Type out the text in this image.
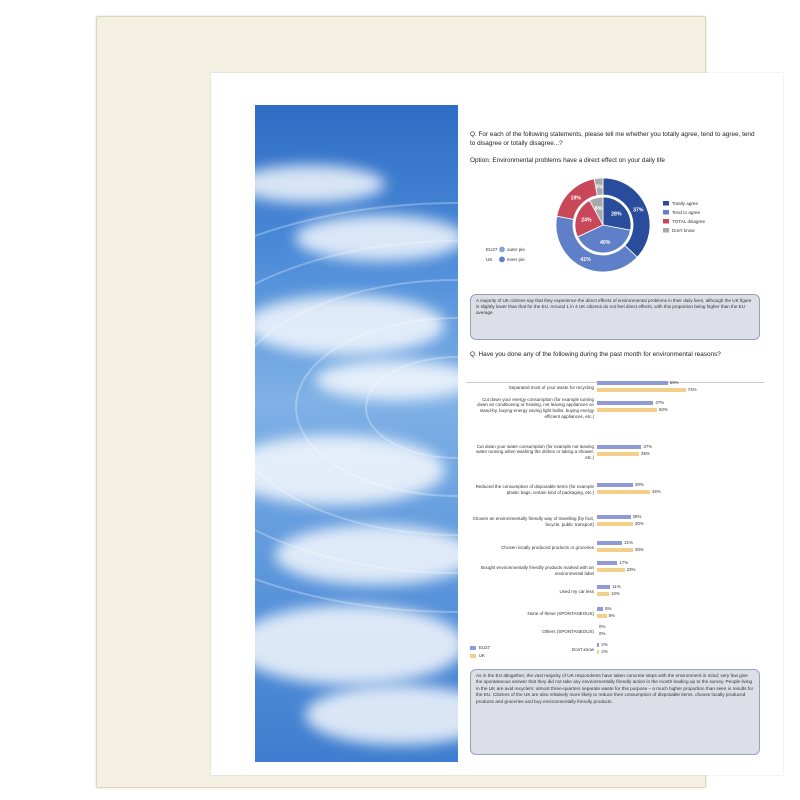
Q. For each of the following statements, please tell me whether you totally agree, tend to agree, tend to disagree or totally disagree...?
Option: Environmental problems have a direct effect on your daily life
37%
41%
19%
3%
28%
40%
24%
8%
Totally agree
Tend to agree
TOTAL disagree
Don't know
EU27 outer pie
UK	inner pie
A majority of UK citizens say that they experience the direct effects of environmental problems in their daily lives, although the UK figure is slightly lower than that for the EU. Around 1 in 4 UK citizens do not feel direct effects, with this proportion being higher than the EU average.
Q. Have you done any of the following during the past month for environmental reasons?
Separated most of your waste for recycling
59%
74%
Cut down your energy consumption (for example turning down air conditioning or heating, not leaving appliances on stand-by, buying energy saving light bulbs, buying energy efficient appliances, etc.)
47%
50%
Cut down your water consumption (for example not leaving water running when washing the dishes or taking a shower, etc.)
37%
35%
Reduced the consumption of disposable items (for example plastic bags, certain kind of packaging, etc.)
30%
44%
Chosen an environmentally friendly way of travelling (by foot, bicycle, public transport)
28%
30%
Chosen locally produced products or groceries
21%
30%
Bought environmentally friendly products marked with an environmental label
17%
23%
Used my car less
11%
10%
None of these (SPONTANEOUS)
5%
8%
Others (SPONTANEOUS)
0%
0%
Don't know
2%
2%
EU27
UK
As in the EU altogether, the vast majority of UK respondents have taken concrete steps with the environment in mind; very few give the spontaneous answer that they did not take any environmentally friendly action in the month leading up to the survey. People living in the UK are avid recyclers: almost three-quarters separate waste for this purpose – a much higher proportion than seen in results for the EU. Citizens of the UK are also relatively more likely to reduce their consumption of disposable items, choose locally produced products and groceries and buy environmentally friendly products.
